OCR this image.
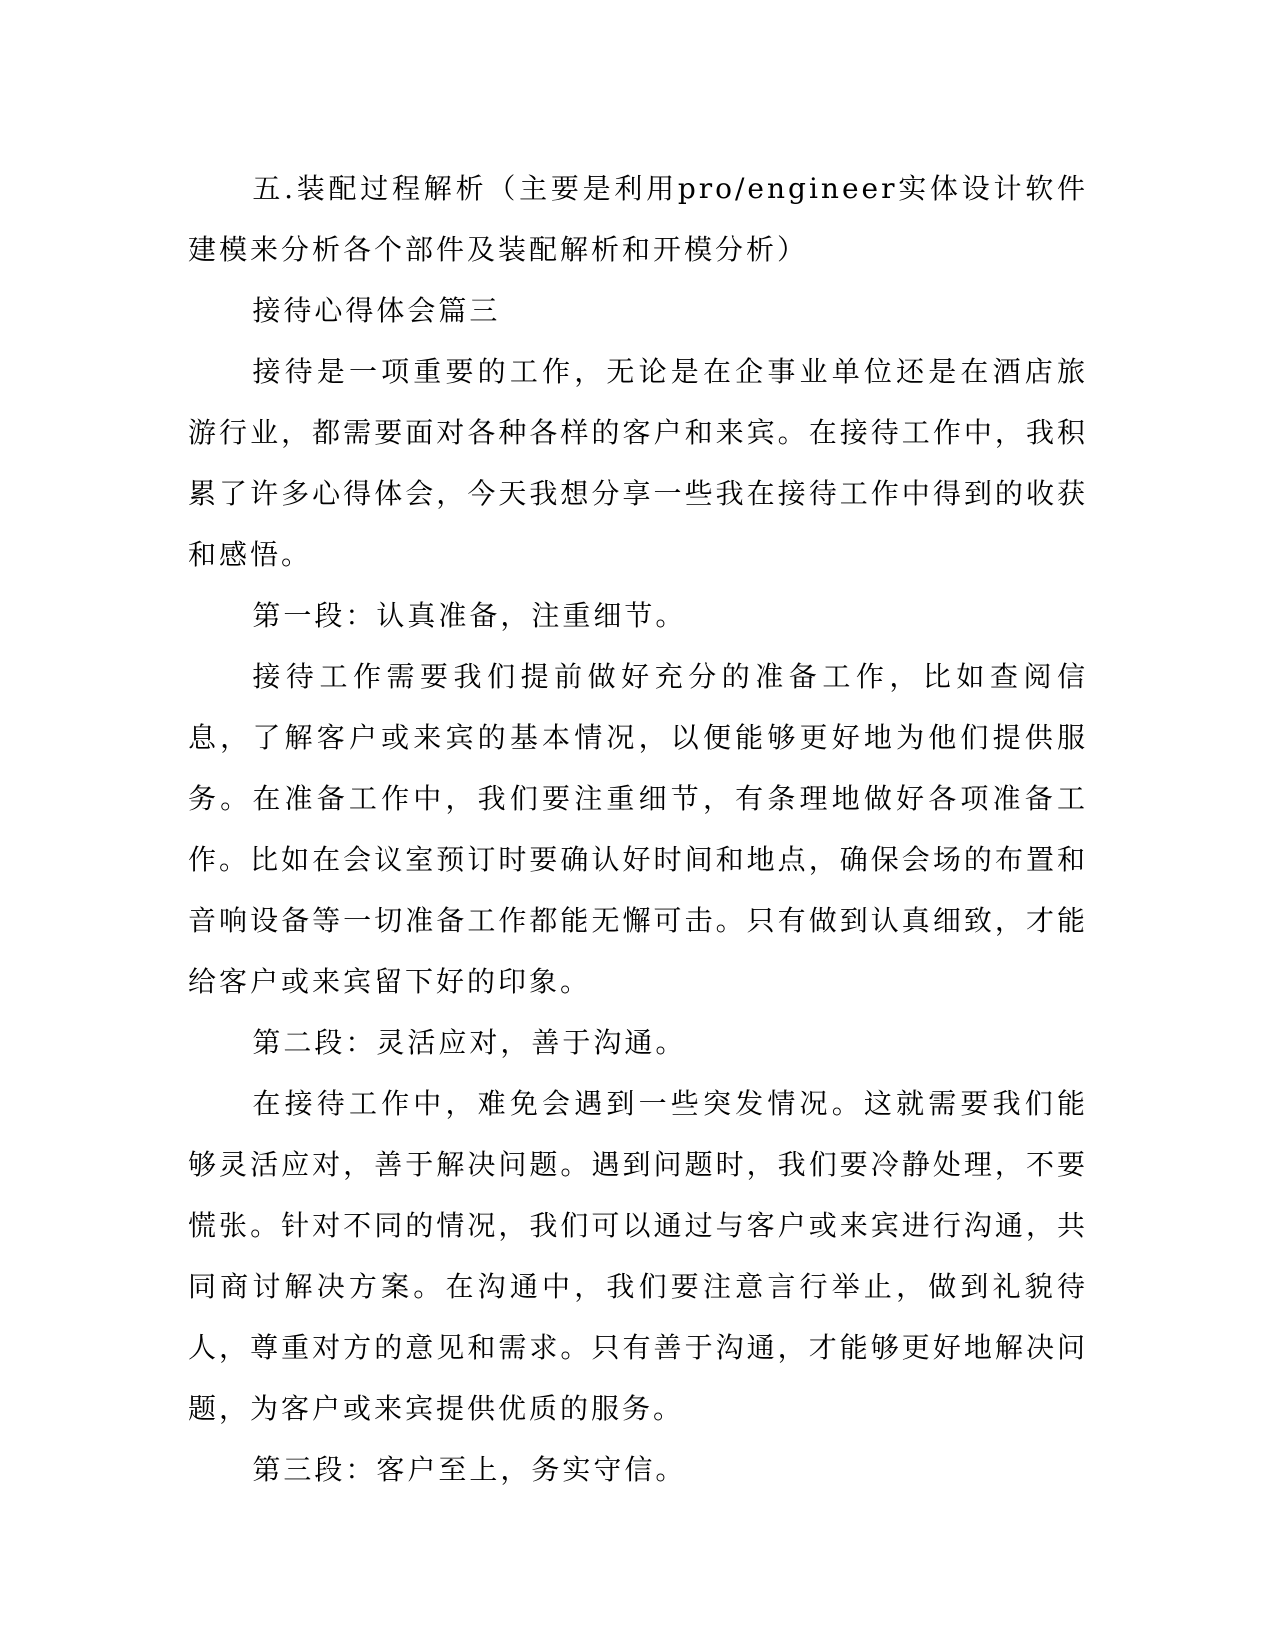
五.装配过程解析（主要是利用pro/engineer实体设计软件建模来分析各个部件及装配解析和开模分析）

接待心得体会篇三

接待是一项重要的工作，无论是在企事业单位还是在酒店旅游行业，都需要面对各种各样的客户和来宾。在接待工作中，我积累了许多心得体会，今天我想分享一些我在接待工作中得到的收获和感悟。

第一段：认真准备，注重细节。

接待工作需要我们提前做好充分的准备工作，比如查阅信息，了解客户或来宾的基本情况，以便能够更好地为他们提供服务。在准备工作中，我们要注重细节，有条理地做好各项准备工作。比如在会议室预订时要确认好时间和地点，确保会场的布置和音响设备等一切准备工作都能无懈可击。只有做到认真细致，才能给客户或来宾留下好的印象。

第二段：灵活应对，善于沟通。

在接待工作中，难免会遇到一些突发情况。这就需要我们能够灵活应对，善于解决问题。遇到问题时，我们要冷静处理，不要慌张。针对不同的情况，我们可以通过与客户或来宾进行沟通，共同商讨解决方案。在沟通中，我们要注意言行举止，做到礼貌待人，尊重对方的意见和需求。只有善于沟通，才能够更好地解决问题，为客户或来宾提供优质的服务。

第三段：客户至上，务实守信。
